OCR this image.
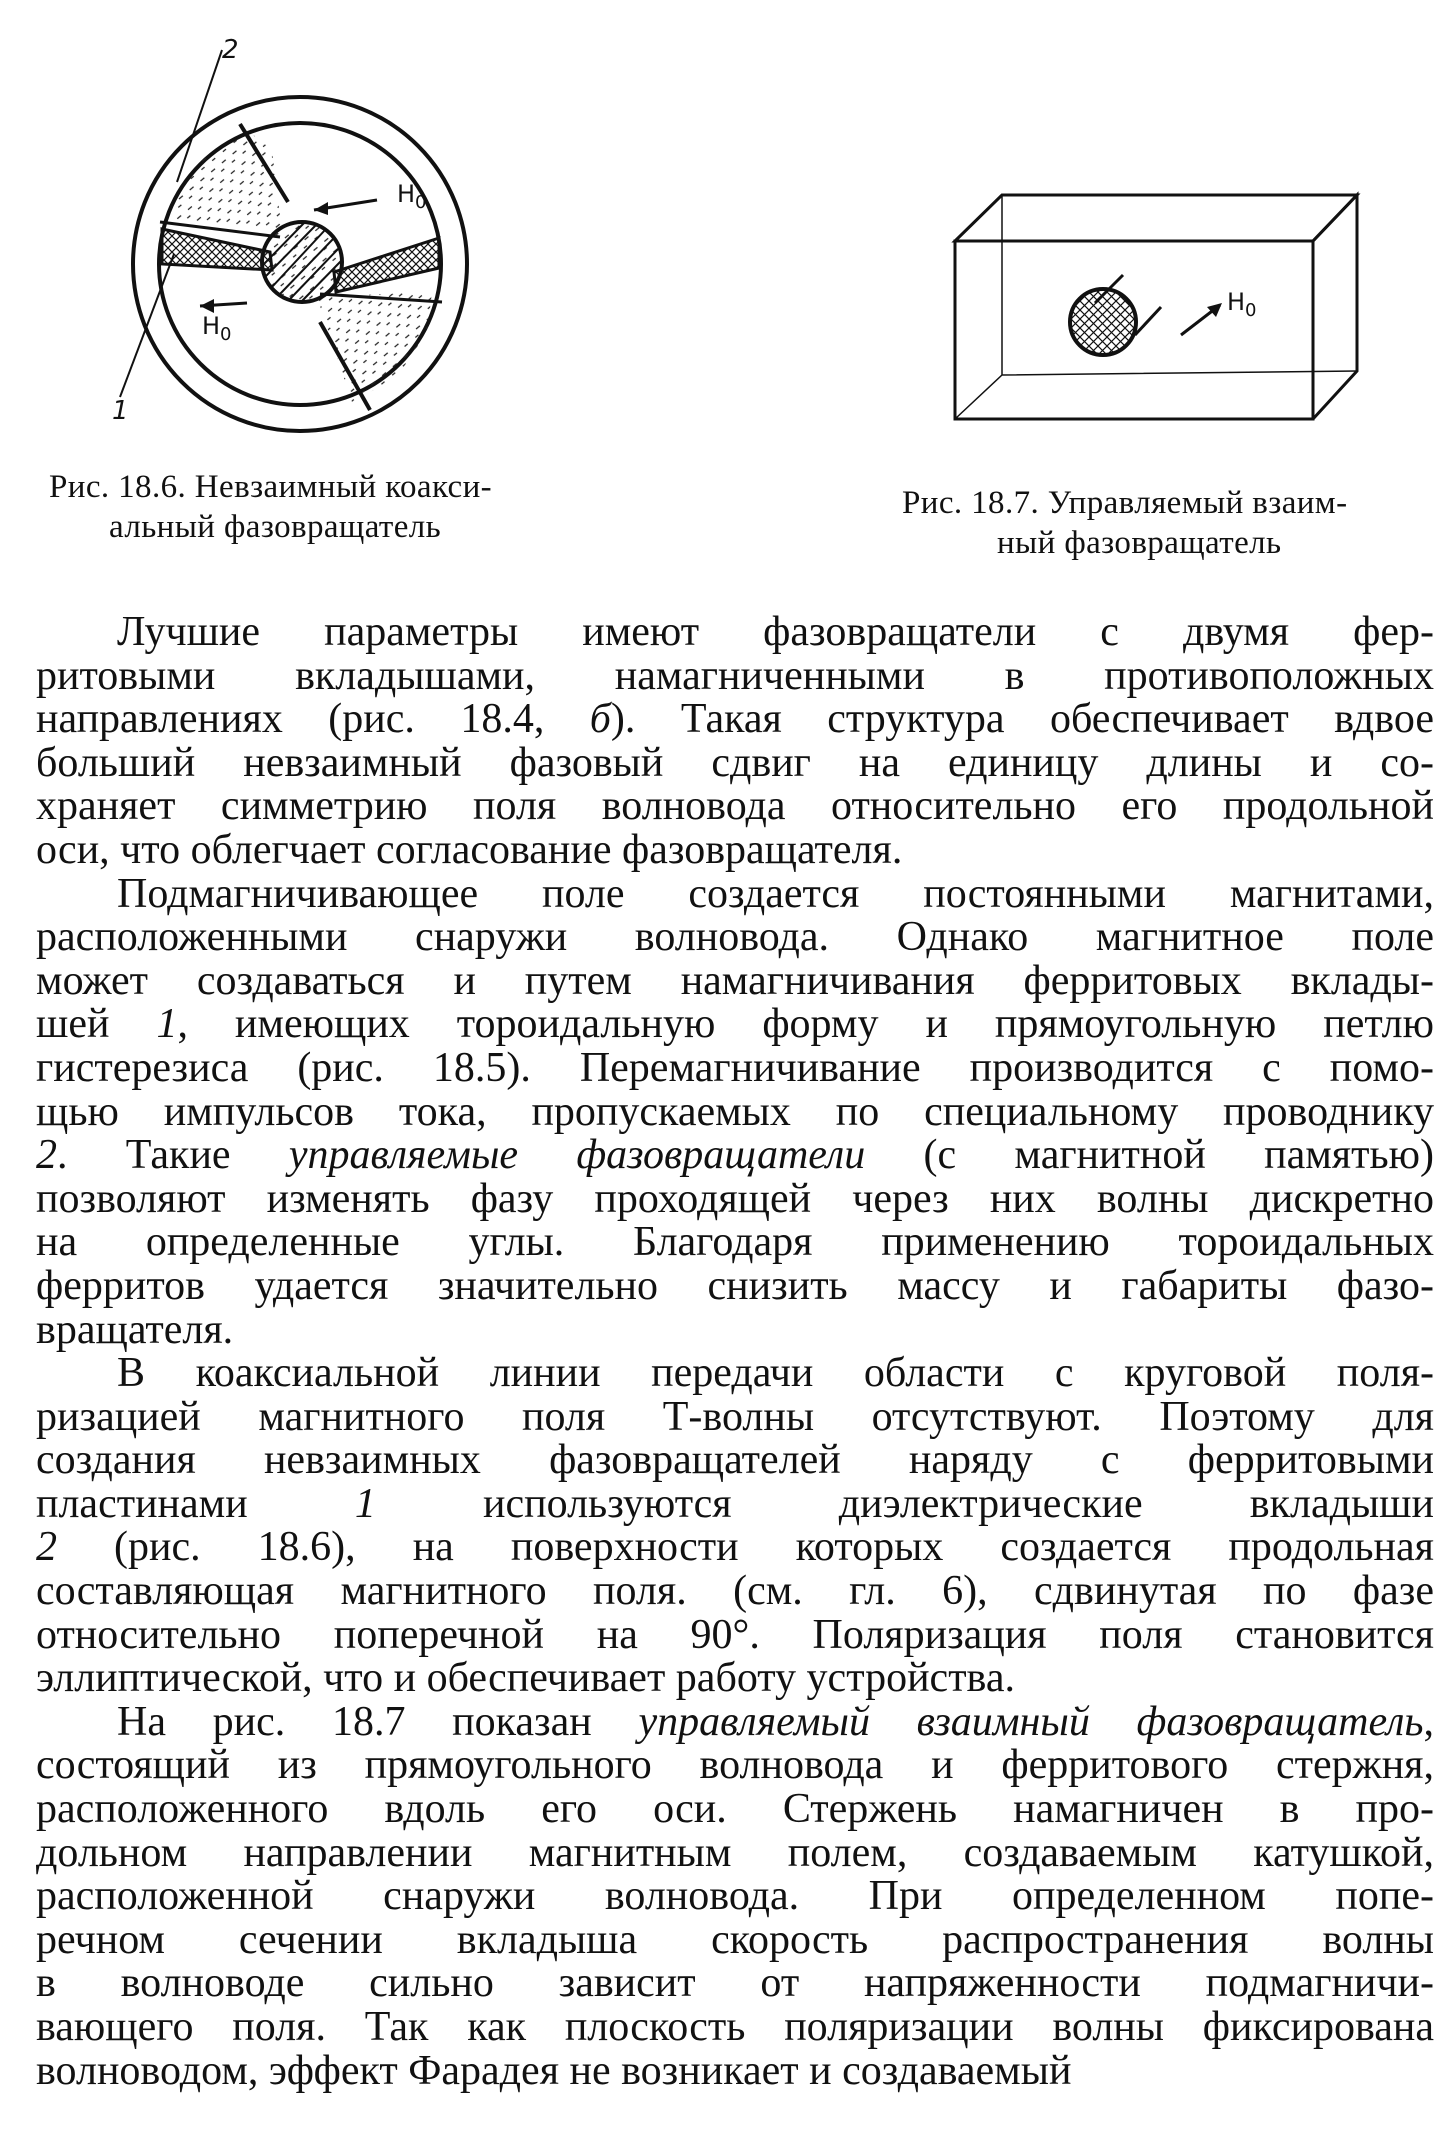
2
1
$H_0$
$H_0$
$H_0$
Рис. 18.6. Невзаимный коакси-
альный фазовращатель
Рис. 18.7. Управляемый взаим-
ный фазовращатель
Лучшие параметры имеют фазовращатели с двумя фер-
ритовыми вкладышами, намагниченными в противоположных
направлениях (рис. 18.4, б). Такая структура обеспечивает вдвое
больший невзаимный фазовый сдвиг на единицу длины и со-
храняет симметрию поля волновода относительно его продольной
оси, что облегчает согласование фазовращателя.
Подмагничивающее поле создается постоянными магнитами,
расположенными снаружи волновода. Однако магнитное поле
может создаваться и путем намагничивания ферритовых вклады-
шей 1, имеющих тороидальную форму и прямоугольную петлю
гистерезиса (рис. 18.5). Перемагничивание производится с помо-
щью импульсов тока, пропускаемых по специальному проводнику
2. Такие управляемые фазовращатели (с магнитной памятью)
позволяют изменять фазу проходящей через них волны дискретно
на определенные углы. Благодаря применению тороидальных
ферритов удается значительно снизить массу и габариты фазо-
вращателя.
В коаксиальной линии передачи области с круговой поля-
ризацией магнитного поля Т-волны отсутствуют. Поэтому для
создания невзаимных фазовращателей наряду с ферритовыми
пластинами 1 используются диэлектрические вкладыши
2 (рис. 18.6), на поверхности которых создается продольная
составляющая магнитного поля. (см. гл. 6), сдвинутая по фазе
относительно поперечной на 90°. Поляризация поля становится
эллиптической, что и обеспечивает работу устройства.
На рис. 18.7 показан управляемый взаимный фазовращатель,
состоящий из прямоугольного волновода и ферритового стержня,
расположенного вдоль его оси. Стержень намагничен в про-
дольном направлении магнитным полем, создаваемым катушкой,
расположенной снаружи волновода. При определенном попе-
речном сечении вкладыша скорость распространения волны
в волноводе сильно зависит от напряженности подмагничи-
вающего поля. Так как плоскость поляризации волны фиксирована
волноводом, эффект Фарадея не возникает и создаваемый
